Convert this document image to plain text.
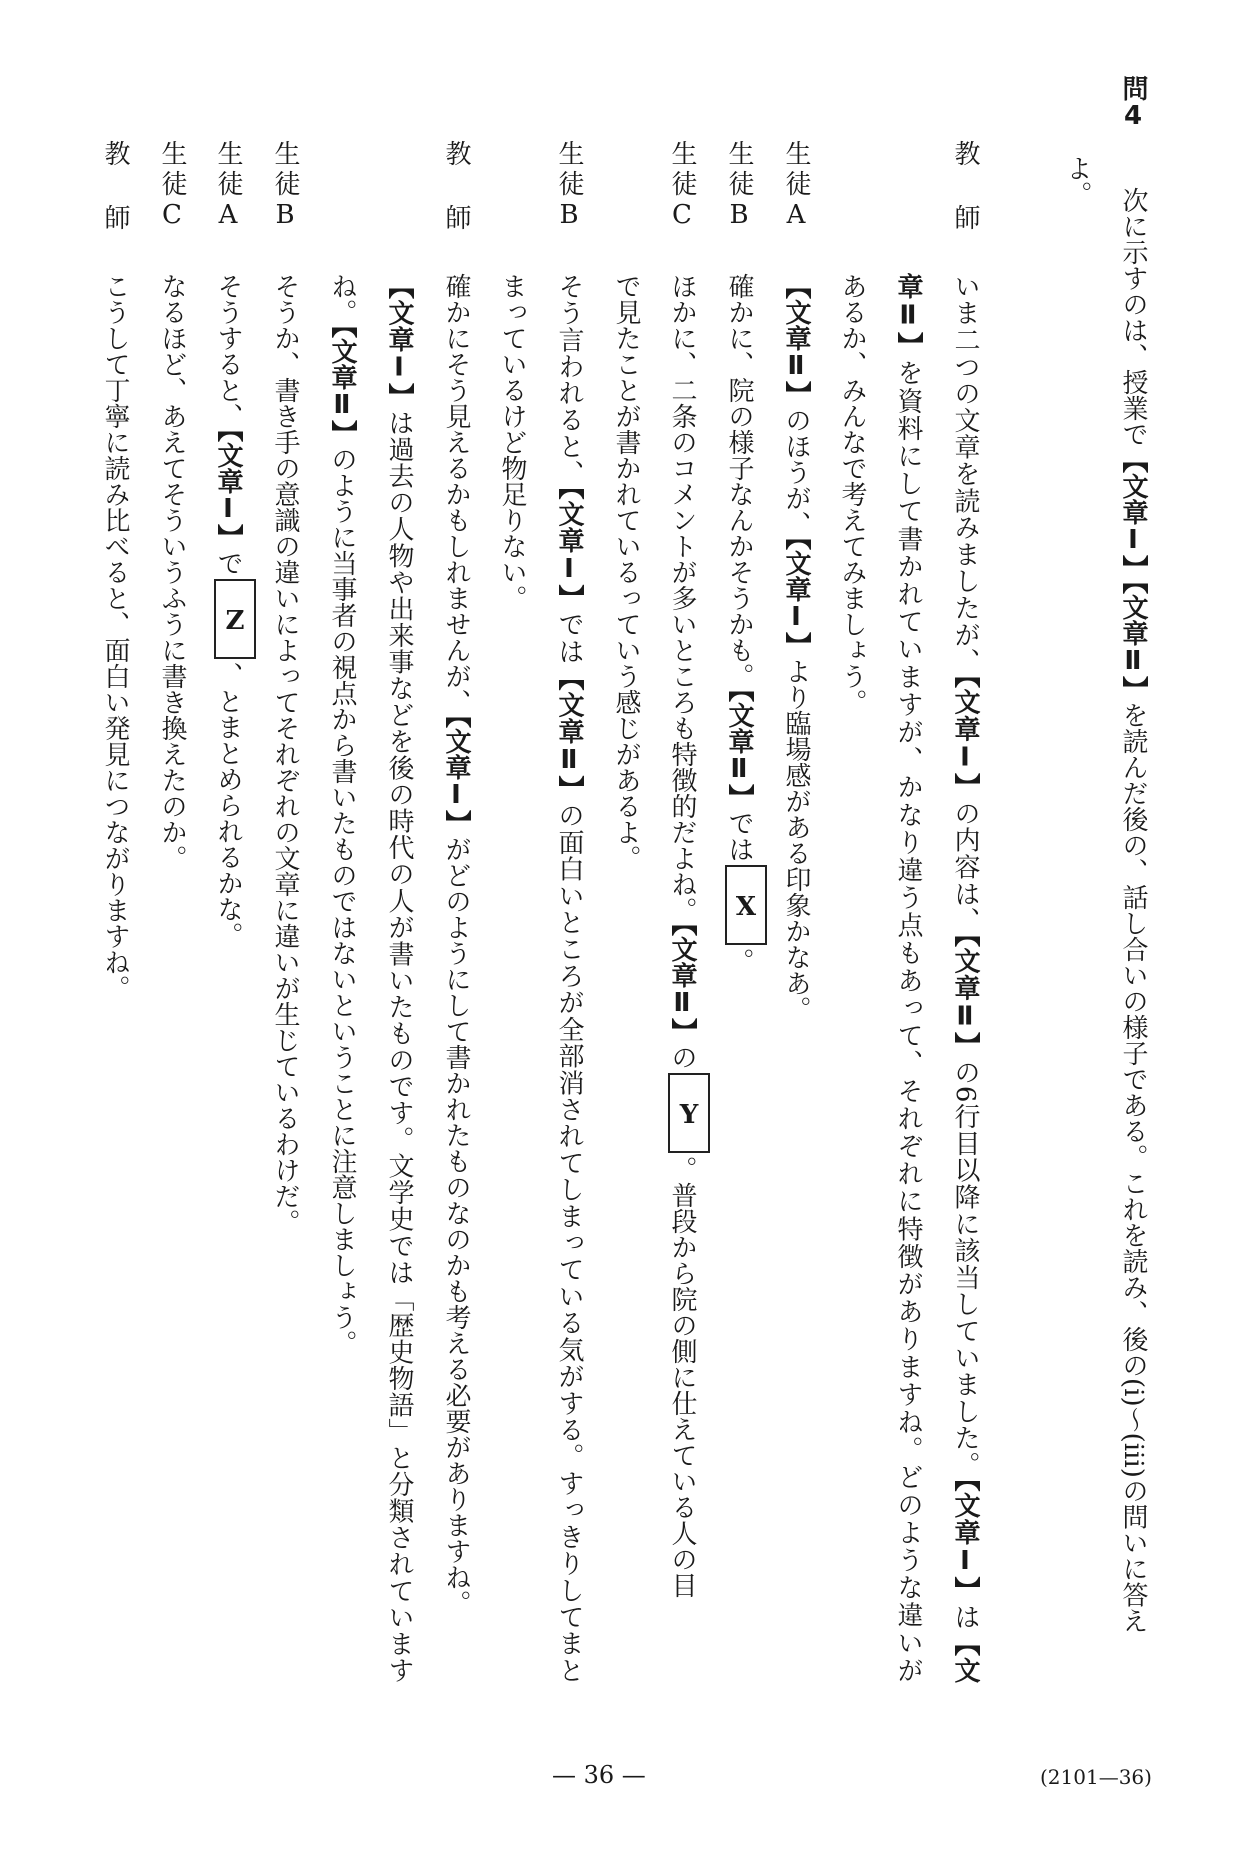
問4
次に示すのは、授業で【文章Ⅰ】【文章Ⅱ】を読んだ後の、話し合いの様子である。これを読み、後の(i)〜(iii)の問いに答え
よ。
教 師
いま二つの文章を読みましたが、【文章Ⅰ】の内容は、【文章Ⅱ】の6行目以降に該当していました。【文章Ⅰ】は【文
章Ⅱ】を資料にして書かれていますが、かなり違う点もあって、それぞれに特徴がありますね。どのような違いが
あるか、みんなで考えてみましょう。
生徒A
【文章Ⅱ】のほうが、【文章Ⅰ】より臨場感がある印象かなあ。
生徒B
確かに、院の様子なんかそうかも。【文章Ⅱ】ではX。
生徒C
ほかに、二条のコメントが多いところも特徴的だよね。【文章Ⅱ】のY。普段から院の側に仕えている人の目
で見たことが書かれているっていう感じがあるよ。
生徒B
そう言われると、【文章Ⅰ】では【文章Ⅱ】の面白いところが全部消されてしまっている気がする。すっきりしてまと
まっているけど物足りない。
教 師
確かにそう見えるかもしれませんが、【文章Ⅰ】がどのようにして書かれたものなのかも考える必要がありますね。
【文章Ⅰ】は過去の人物や出来事などを後の時代の人が書いたものです。文学史では「歴史物語」と分類されています
ね。【文章Ⅱ】のように当事者の視点から書いたものではないということに注意しましょう。
生徒B
そうか、書き手の意識の違いによってそれぞれの文章に違いが生じているわけだ。
生徒A
そうすると、【文章Ⅰ】でZ、とまとめられるかな。
生徒C
なるほど、あえてそういうふうに書き換えたのか。
教 師
こうして丁寧に読み比べると、面白い発見につながりますね。
— 36 —	(2101—36)
